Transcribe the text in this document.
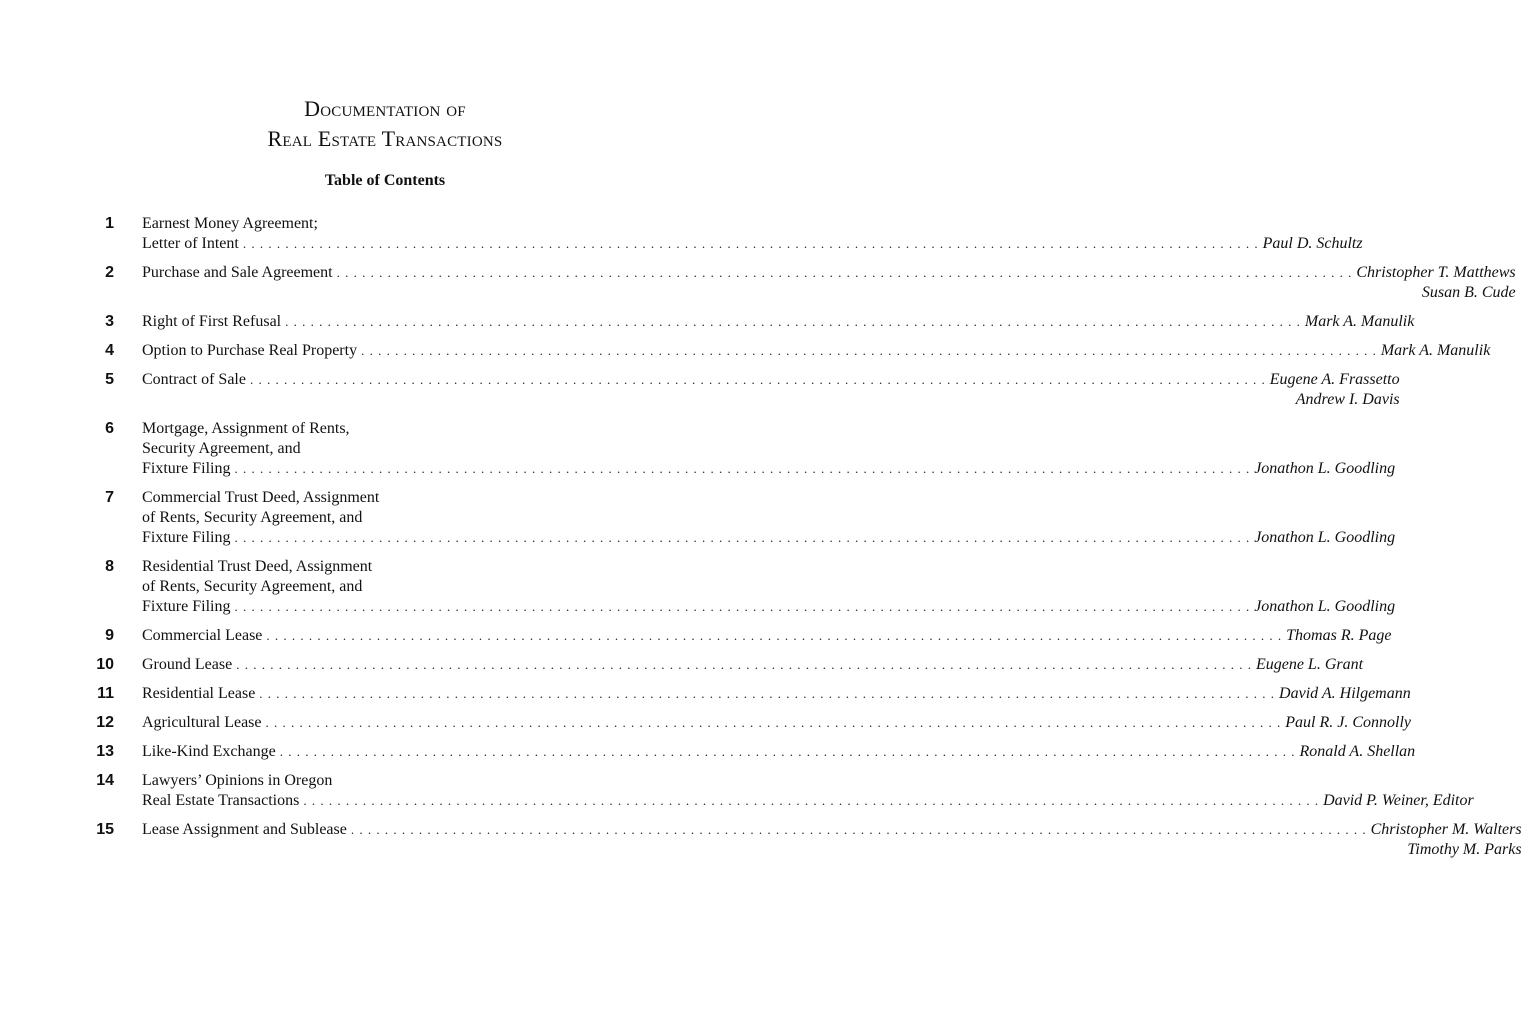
Documentation of
Real Estate Transactions
Table of Contents
1 Earnest Money Agreement;
Letter of Intent . . . . . . . . . . . . . . . . . . . . . . . . . . . . . . . . . . . . . . . . . . . . . . . . . . . . . . . . . . . . . . . . . . . . . . . . . . . . . . . . . . . . . . . . . . . . . . . . . . . . . . . . . . . . . . . . . . . . . . . . Paul D. Schultz
2 Purchase and Sale Agreement . . . . . . . . . . . . . . . . . . . . . . . . . . . . . . . . . . . . . . . . . . . . . . . . . . . . . . . . . . . . . . . . . . . . . . . . . . . . . . . . . . . . . . . . . . . . . . . . . . . . . . . . . . . . . . . . . . . . . . . . Christopher T. Matthews
Susan B. Cude
3 Right of First Refusal . . . . . . . . . . . . . . . . . . . . . . . . . . . . . . . . . . . . . . . . . . . . . . . . . . . . . . . . . . . . . . . . . . . . . . . . . . . . . . . . . . . . . . . . . . . . . . . . . . . . . . . . . . . . . . . . . . . . . . . . Mark A. Manulik
4 Option to Purchase Real Property . . . . . . . . . . . . . . . . . . . . . . . . . . . . . . . . . . . . . . . . . . . . . . . . . . . . . . . . . . . . . . . . . . . . . . . . . . . . . . . . . . . . . . . . . . . . . . . . . . . . . . . . . . . . . . . . . . . . . . . . Mark A. Manulik
5 Contract of Sale . . . . . . . . . . . . . . . . . . . . . . . . . . . . . . . . . . . . . . . . . . . . . . . . . . . . . . . . . . . . . . . . . . . . . . . . . . . . . . . . . . . . . . . . . . . . . . . . . . . . . . . . . . . . . . . . . . . . . . . . Eugene A. Frassetto
Andrew I. Davis
6 Mortgage, Assignment of Rents,
Security Agreement, and
Fixture Filing . . . . . . . . . . . . . . . . . . . . . . . . . . . . . . . . . . . . . . . . . . . . . . . . . . . . . . . . . . . . . . . . . . . . . . . . . . . . . . . . . . . . . . . . . . . . . . . . . . . . . . . . . . . . . . . . . . . . . . . . Jonathon L. Goodling
7 Commercial Trust Deed, Assignment
of Rents, Security Agreement, and
Fixture Filing . . . . . . . . . . . . . . . . . . . . . . . . . . . . . . . . . . . . . . . . . . . . . . . . . . . . . . . . . . . . . . . . . . . . . . . . . . . . . . . . . . . . . . . . . . . . . . . . . . . . . . . . . . . . . . . . . . . . . . . . Jonathon L. Goodling
8 Residential Trust Deed, Assignment
of Rents, Security Agreement, and
Fixture Filing . . . . . . . . . . . . . . . . . . . . . . . . . . . . . . . . . . . . . . . . . . . . . . . . . . . . . . . . . . . . . . . . . . . . . . . . . . . . . . . . . . . . . . . . . . . . . . . . . . . . . . . . . . . . . . . . . . . . . . . . Jonathon L. Goodling
9 Commercial Lease . . . . . . . . . . . . . . . . . . . . . . . . . . . . . . . . . . . . . . . . . . . . . . . . . . . . . . . . . . . . . . . . . . . . . . . . . . . . . . . . . . . . . . . . . . . . . . . . . . . . . . . . . . . . . . . . . . . . . . . . Thomas R. Page
10 Ground Lease . . . . . . . . . . . . . . . . . . . . . . . . . . . . . . . . . . . . . . . . . . . . . . . . . . . . . . . . . . . . . . . . . . . . . . . . . . . . . . . . . . . . . . . . . . . . . . . . . . . . . . . . . . . . . . . . . . . . . . . . Eugene L. Grant
11 Residential Lease . . . . . . . . . . . . . . . . . . . . . . . . . . . . . . . . . . . . . . . . . . . . . . . . . . . . . . . . . . . . . . . . . . . . . . . . . . . . . . . . . . . . . . . . . . . . . . . . . . . . . . . . . . . . . . . . . . . . . . . . David A. Hilgemann
12 Agricultural Lease . . . . . . . . . . . . . . . . . . . . . . . . . . . . . . . . . . . . . . . . . . . . . . . . . . . . . . . . . . . . . . . . . . . . . . . . . . . . . . . . . . . . . . . . . . . . . . . . . . . . . . . . . . . . . . . . . . . . . . . . Paul R. J. Connolly
13 Like-Kind Exchange . . . . . . . . . . . . . . . . . . . . . . . . . . . . . . . . . . . . . . . . . . . . . . . . . . . . . . . . . . . . . . . . . . . . . . . . . . . . . . . . . . . . . . . . . . . . . . . . . . . . . . . . . . . . . . . . . . . . . . . . Ronald A. Shellan
14 Lawyers’ Opinions in Oregon
Real Estate Transactions . . . . . . . . . . . . . . . . . . . . . . . . . . . . . . . . . . . . . . . . . . . . . . . . . . . . . . . . . . . . . . . . . . . . . . . . . . . . . . . . . . . . . . . . . . . . . . . . . . . . . . . . . . . . . . . . . . . . . . . . David P. Weiner, Editor
15 Lease Assignment and Sublease . . . . . . . . . . . . . . . . . . . . . . . . . . . . . . . . . . . . . . . . . . . . . . . . . . . . . . . . . . . . . . . . . . . . . . . . . . . . . . . . . . . . . . . . . . . . . . . . . . . . . . . . . . . . . . . . . . . . . . . . Christopher M. Walters
Timothy M. Parks
